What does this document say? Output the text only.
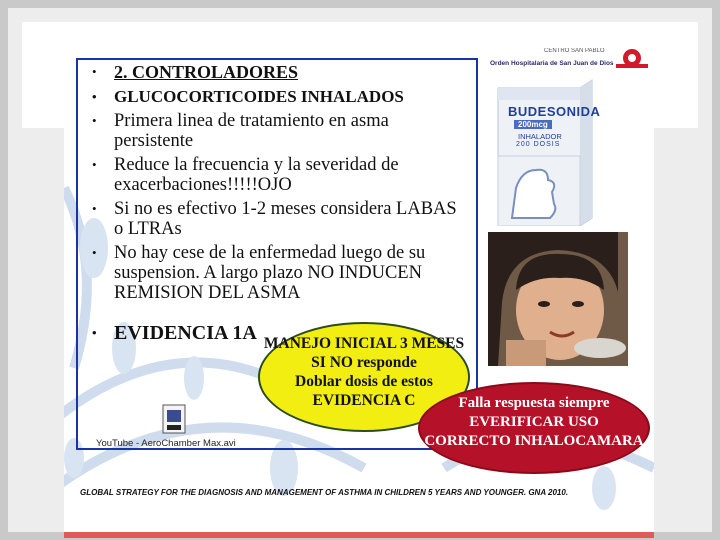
• 2. CONTROLADORES
• GLUCOCORTICOIDES INHALADOS
• Primera linea de tratamiento en asma persistente
• Reduce la frecuencia y la severidad de exacerbaciones!!!!!OJO
• Si no es efectivo 1-2 meses considera LABAS o LTRAs
• No hay cese de la enfermedad luego de su suspension. A largo plazo NO INDUCEN REMISION DEL ASMA
• EVIDENCIA 1A MANEJO INICIAL 3 MESES
SI NO responde
Doblar dosis de estos
EVIDENCIA C	Falla respuesta siempre
EVERIFICAR USO
CORRECTO INHALOCAMARA
CENTRO SAN PABLO
Orden Hospitalaria de San Juan de Dios
BUDESONIDA
200mcg
INHALADOR
200 DOSIS
YouTube - AeroChamber Max.avi
GLOBAL STRATEGY FOR THE DIAGNOSIS AND MANAGEMENT OF ASTHMA IN CHILDREN 5 YEARS AND YOUNGER. GNA 2010.
